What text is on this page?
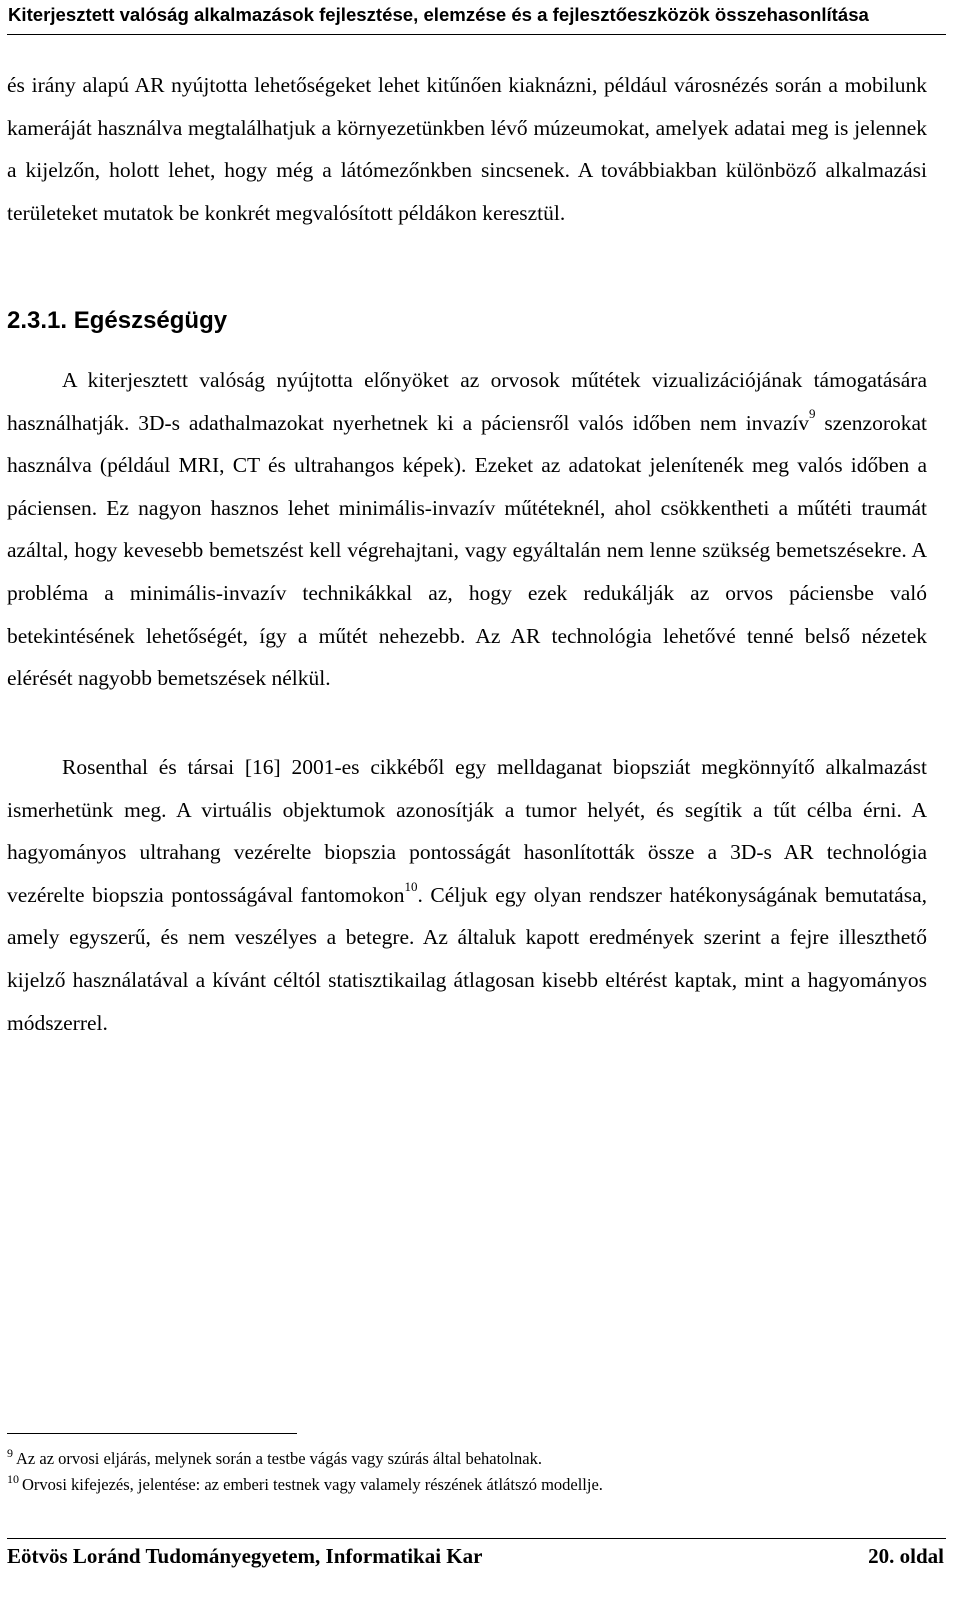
Kiterjesztett valóság alkalmazások fejlesztése, elemzése és a fejlesztőeszközök összehasonlítása

és irány alapú AR nyújtotta lehetőségeket lehet kitűnően kiaknázni, például városnézés során a mobilunk kameráját használva megtalálhatjuk a környezetünkben lévő múzeumokat, amelyek adatai meg is jelennek a kijelzőn, holott lehet, hogy még a látómezőnkben sincsenek. A továbbiakban különböző alkalmazási területeket mutatok be konkrét megvalósított példákon keresztül.

2.3.1. Egészségügy

A kiterjesztett valóság nyújtotta előnyöket az orvosok műtétek vizualizációjának támogatására használhatják. 3D-s adathalmazokat nyerhetnek ki a páciensről valós időben nem invazív$^9$ szenzorokat használva (például MRI, CT és ultrahangos képek). Ezeket az adatokat jelenítenék meg valós időben a páciensen. Ez nagyon hasznos lehet minimális-invazív műtéteknél, ahol csökkentheti a műtéti traumát azáltal, hogy kevesebb bemetszést kell végrehajtani, vagy egyáltalán nem lenne szükség bemetszésekre. A probléma a minimális-invazív technikákkal az, hogy ezek redukálják az orvos páciensbe való betekintésének lehetőségét, így a műtét nehezebb. Az AR technológia lehetővé tenné belső nézetek elérését nagyobb bemetszések nélkül.

Rosenthal és társai [16] 2001-es cikkéből egy melldaganat biopsziát megkönnyítő alkalmazást ismerhetünk meg. A virtuális objektumok azonosítják a tumor helyét, és segítik a tűt célba érni. A hagyományos ultrahang vezérelte biopszia pontosságát hasonlították össze a 3D-s AR technológia vezérelte biopszia pontosságával fantomokon$^{10}$. Céljuk egy olyan rendszer hatékonyságának bemutatása, amely egyszerű, és nem veszélyes a betegre. Az általuk kapott eredmények szerint a fejre illeszthető kijelző használatával a kívánt céltól statisztikailag átlagosan kisebb eltérést kaptak, mint a hagyományos módszerrel.

$^9$ Az az orvosi eljárás, melynek során a testbe vágás vagy szúrás által behatolnak.
$^{10}$ Orvosi kifejezés, jelentése: az emberi testnek vagy valamely részének átlátszó modellje.
Eötvös Loránd Tudományegyetem, Informatikai Kar	20. oldal
